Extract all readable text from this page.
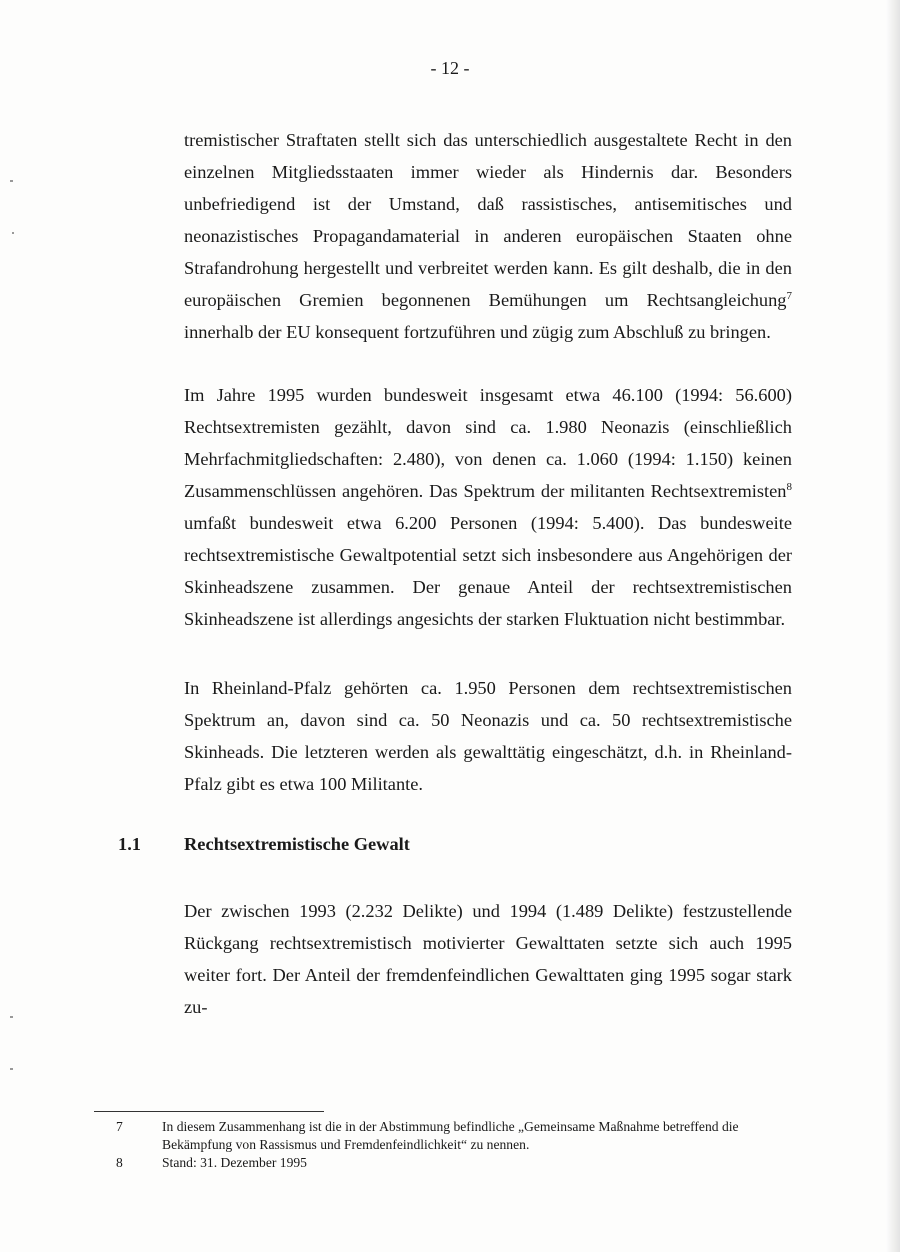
- 12 -

tremistischer Straftaten stellt sich das unterschiedlich ausgestaltete Recht in den einzelnen Mitgliedsstaaten immer wieder als Hindernis dar. Besonders unbefriedigend ist der Umstand, daß rassistisches, antisemitisches und neonazistisches Propagandamaterial in anderen europäischen Staaten ohne Strafandrohung hergestellt und verbreitet werden kann. Es gilt deshalb, die in den europäischen Gremien begonnenen Bemühungen um Rechtsangleichung$^7$ innerhalb der EU konsequent fortzuführen und zügig zum Abschluß zu bringen.

Im Jahre 1995 wurden bundesweit insgesamt etwa 46.100 (1994: 56.600) Rechtsextremisten gezählt, davon sind ca. 1.980 Neonazis (einschließlich Mehrfachmitgliedschaften: 2.480), von denen ca. 1.060 (1994: 1.150) keinen Zusammenschlüssen angehören. Das Spektrum der militanten Rechtsextremisten$^8$ umfaßt bundesweit etwa 6.200 Personen (1994: 5.400). Das bundesweite rechtsextremistische Gewaltpotential setzt sich insbesondere aus Angehörigen der Skinheadszene zusammen. Der genaue Anteil der rechtsextremistischen Skinheadszene ist allerdings angesichts der starken Fluktuation nicht bestimmbar.

In Rheinland-Pfalz gehörten ca. 1.950 Personen dem rechtsextremistischen Spektrum an, davon sind ca. 50 Neonazis und ca. 50 rechtsextremistische Skinheads. Die letzteren werden als gewalttätig eingeschätzt, d.h. in Rheinland-Pfalz gibt es etwa 100 Militante.

1.1 Rechtsextremistische Gewalt

Der zwischen 1993 (2.232 Delikte) und 1994 (1.489 Delikte) festzustellende Rückgang rechtsextremistisch motivierter Gewalttaten setzte sich auch 1995 weiter fort. Der Anteil der fremdenfeindlichen Gewalttaten ging 1995 sogar stark zu-

7	In diesem Zusammenhang ist die in der Abstimmung befindliche „Gemeinsame Maßnahme betreffend die Bekämpfung von Rassismus und Fremdenfeindlichkeit“ zu nennen.
8	Stand: 31. Dezember 1995
